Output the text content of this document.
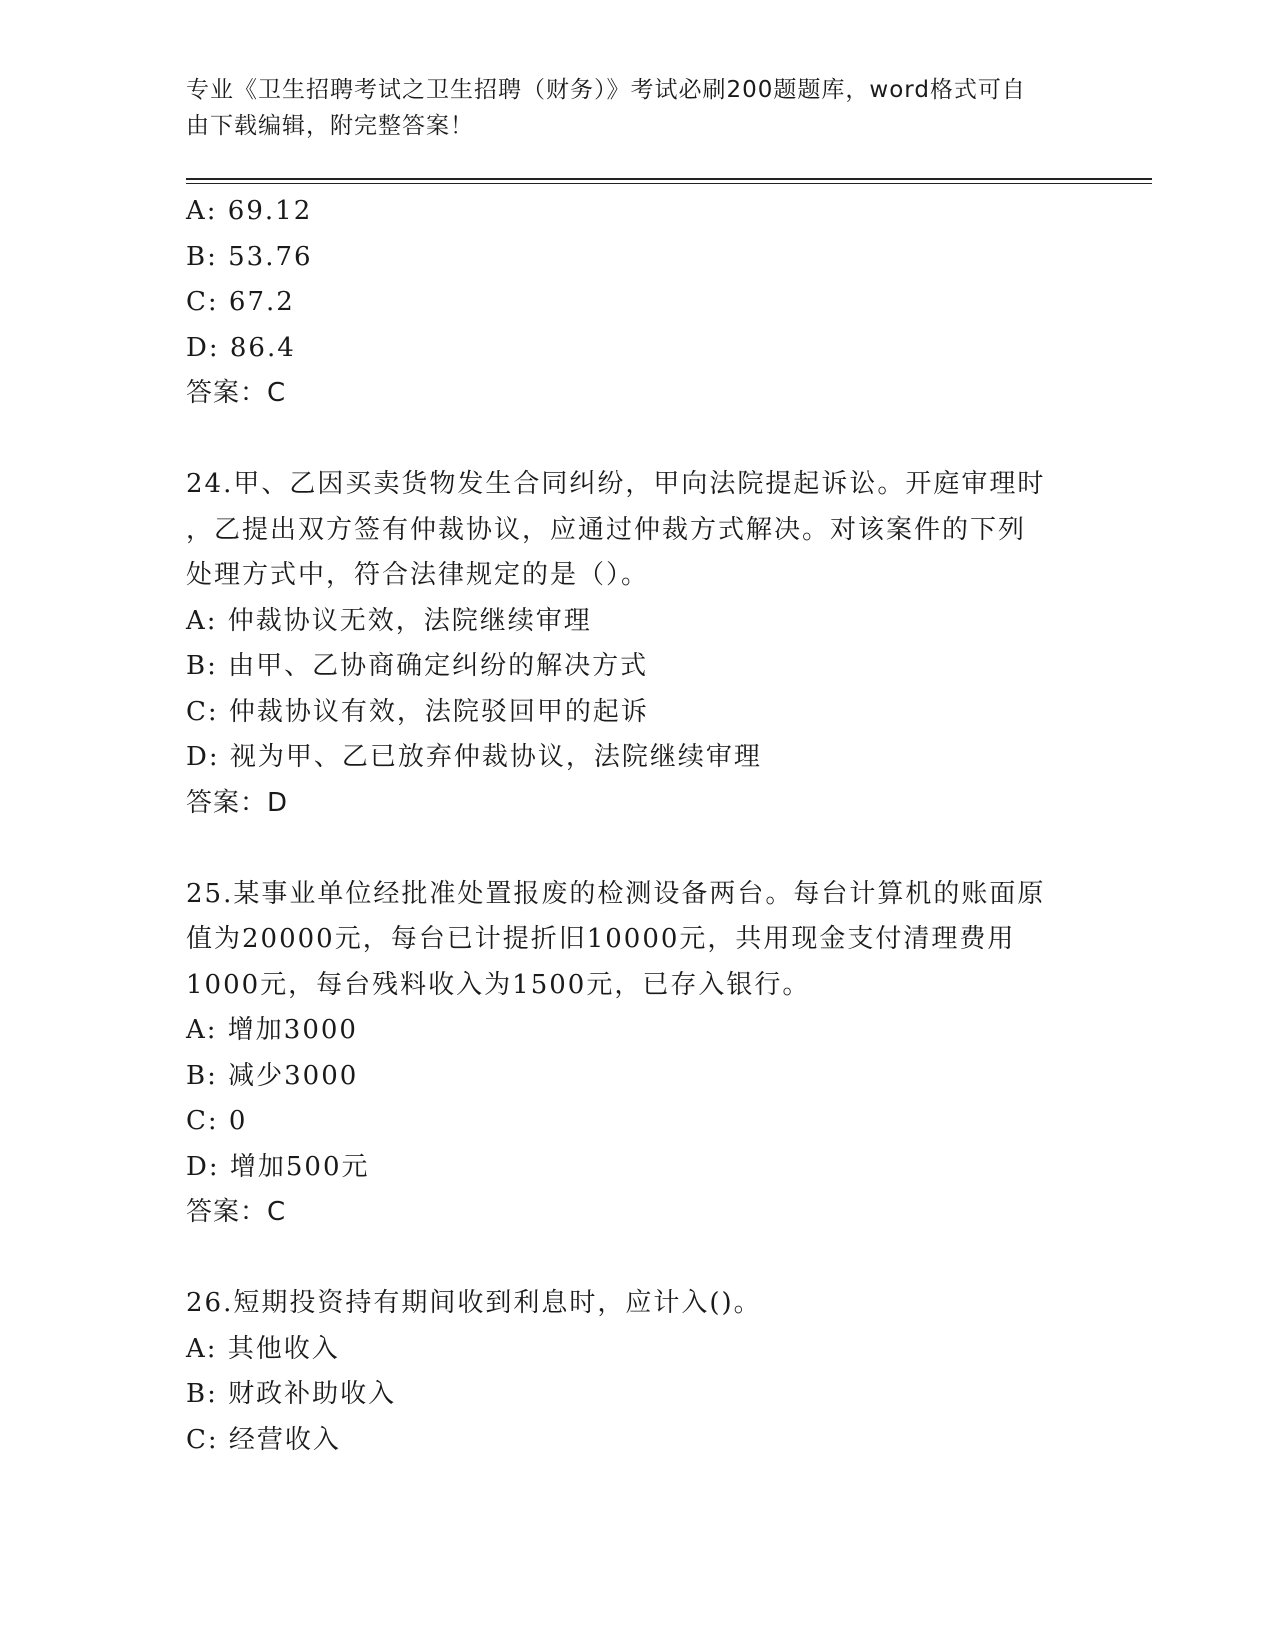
专业《卫生招聘考试之卫生招聘（财务）》考试必刷200题题库，word格式可自
由下载编辑，附完整答案！
A: 69.12
B: 53.76
C: 67.2
D: 86.4
答案：C
24.甲、乙因买卖货物发生合同纠纷，甲向法院提起诉讼。开庭审理时
，乙提出双方签有仲裁协议，应通过仲裁方式解决。对该案件的下列
处理方式中，符合法律规定的是（）。
A: 仲裁协议无效，法院继续审理
B: 由甲、乙协商确定纠纷的解决方式
C: 仲裁协议有效，法院驳回甲的起诉
D: 视为甲、乙已放弃仲裁协议，法院继续审理
答案：D
25.某事业单位经批准处置报废的检测设备两台。每台计算机的账面原
值为20000元，每台已计提折旧10000元，共用现金支付清理费用
1000元，每台残料收入为1500元，已存入银行。
A: 增加3000
B: 减少3000
C: 0
D: 增加500元
答案：C
26.短期投资持有期间收到利息时，应计入()。
A: 其他收入
B: 财政补助收入
C: 经营收入
